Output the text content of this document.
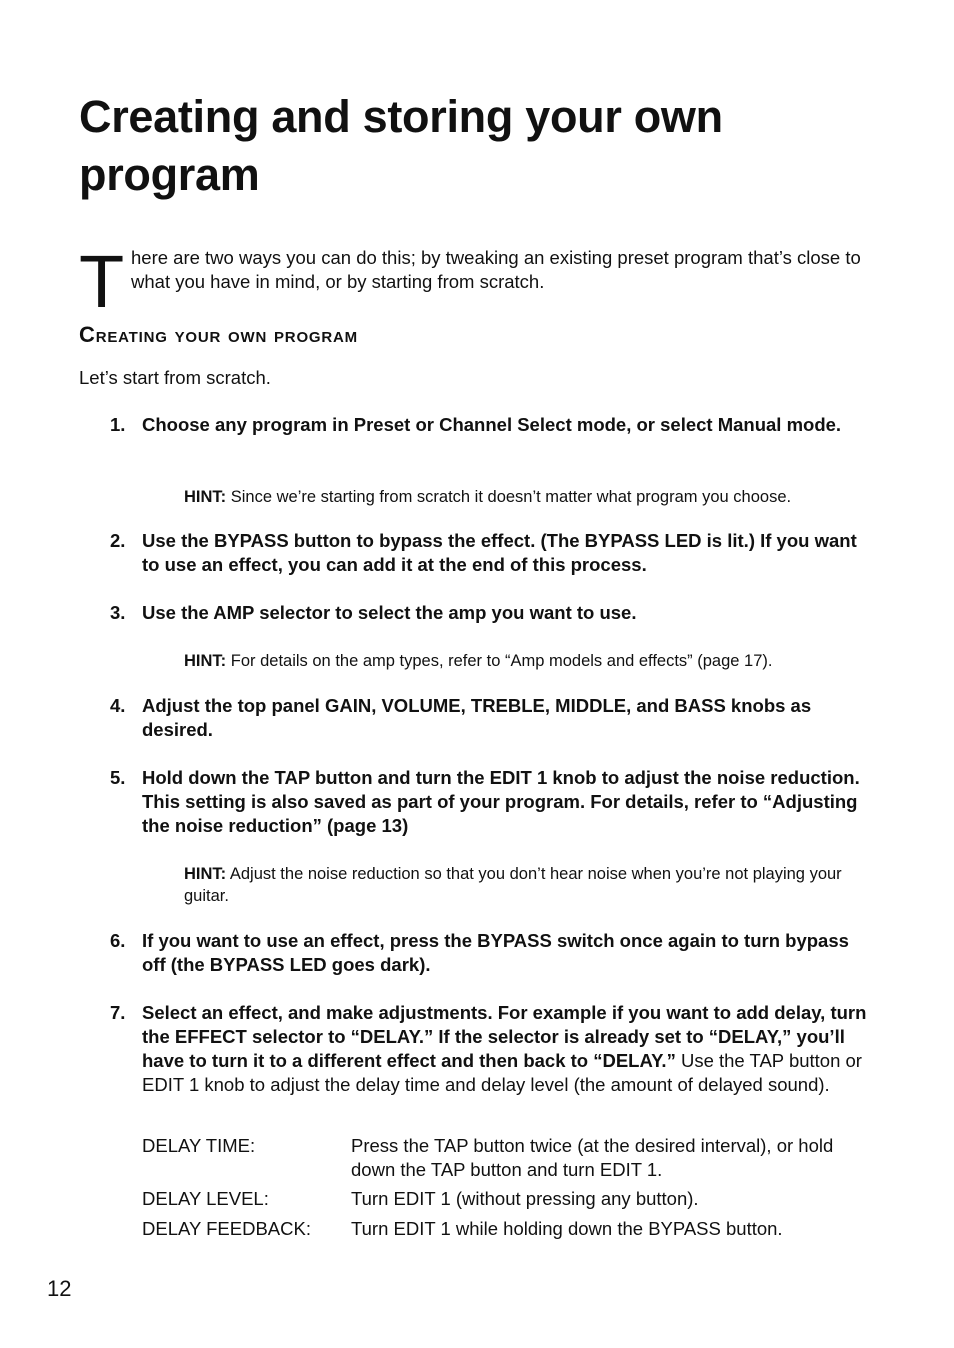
Creating and storing your own program
T here are two ways you can do this; by tweaking an existing preset program that’s close to what you have in mind, or by starting from scratch.
Creating your own program
Let’s start from scratch.
1. Choose any program in Preset or Channel Select mode, or select Manual mode.
HINT: Since we’re starting from scratch it doesn’t matter what program you choose.
2. Use the BYPASS button to bypass the effect. (The BYPASS LED is lit.) If you want to use an effect, you can add it at the end of this process.
3. Use the AMP selector to select the amp you want to use.
HINT: For details on the amp types, refer to “Amp models and effects” (page 17).
4. Adjust the top panel GAIN, VOLUME, TREBLE, MIDDLE, and BASS knobs as desired.
5. Hold down the TAP button and turn the EDIT 1 knob to adjust the noise reduction. This setting is also saved as part of your program. For details, refer to “Adjusting the noise reduction” (page 13)
HINT: Adjust the noise reduction so that you don’t hear noise when you’re not playing your guitar.
6. If you want to use an effect, press the BYPASS switch once again to turn bypass off (the BYPASS LED goes dark).
7. Select an effect, and make adjustments. For example if you want to add delay, turn the EFFECT selector to “DELAY.” If the selector is already set to “DELAY,” you’ll have to turn it to a different effect and then back to “DELAY.” Use the TAP button or EDIT 1 knob to adjust the delay time and delay level (the amount of delayed sound).
DELAY TIME:	Press the TAP button twice (at the desired interval), or hold down the TAP button and turn EDIT 1.
DELAY LEVEL:	Turn EDIT 1 (without pressing any button).
DELAY FEEDBACK: Turn EDIT 1 while holding down the BYPASS button.
12
